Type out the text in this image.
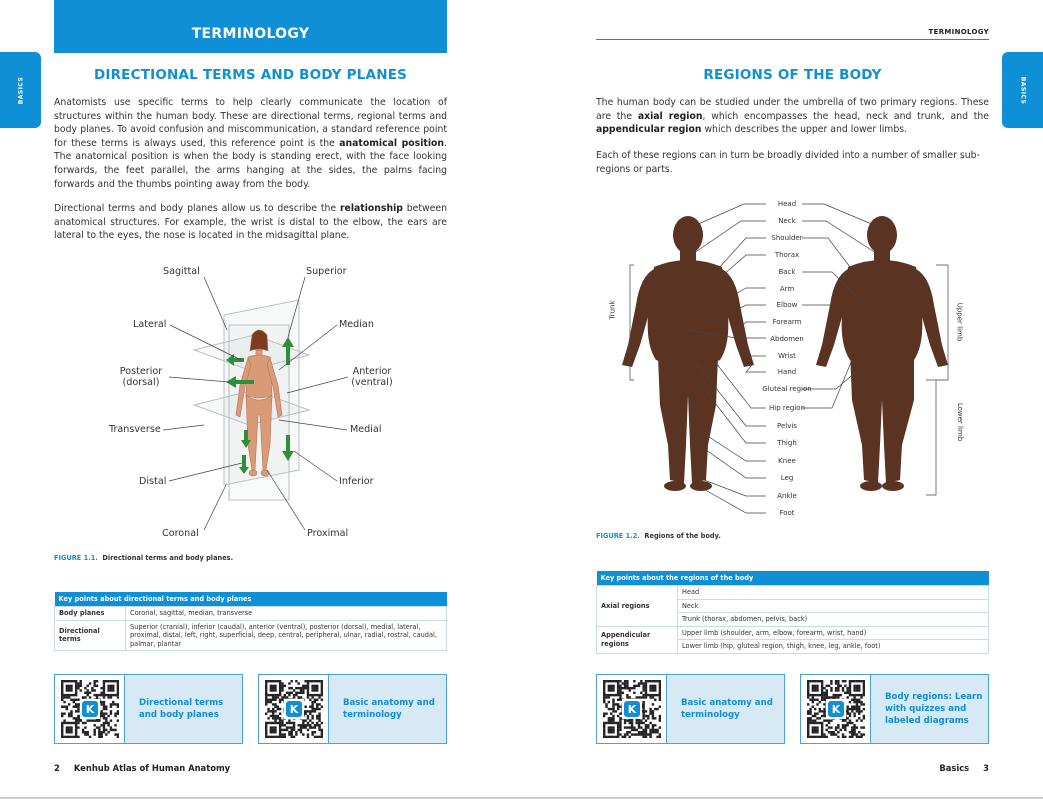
TERMINOLOGY
BASICS
DIRECTIONAL TERMS AND BODY PLANES
Anatomists use specific terms to help clearly communicate the location of structures within the human body. These are directional terms, regional terms and body planes. To avoid confusion and miscommunication, a standard reference point for these terms is always used, this reference point is the anatomical position. The anatomical position is when the body is standing erect, with the face looking forwards, the feet parallel, the arms hanging at the sides, the palms facing forwards and the thumbs pointing away from the body.
Directional terms and body planes allow us to describe the relationship between anatomical structures. For example, the wrist is distal to the elbow, the ears are lateral to the eyes, the nose is located in the midsagittal plane.
Sagittal	Superior
Lateral	Median
Posterior
(dorsal)
Anterior
(ventral)
Transverse	Medial
Distal	Inferior
Coronal	Proximal
FIGURE 1.1. Directional terms and body planes.
Key points about directional terms and body planes	
Body planes	Coronal, sagittal, median, transverse
Directional terms	Superior (cranial), inferior (caudal), anterior (ventral), posterior (dorsal), medial, lateral, proximal, distal, left, right, superficial, deep, central, peripheral, ulnar, radial, rostral, caudal, palmar, plantar
K	Directional terms and body planes	K	Basic anatomy and terminology
2 Kenhub Atlas of Human Anatomy
TERMINOLOGY
BASICS
REGIONS OF THE BODY
The human body can be studied under the umbrella of two primary regions. These are the axial region, which encompasses the head, neck and trunk, and the appendicular region which describes the upper and lower limbs.
Each of these regions can in turn be broadly divided into a number of smaller sub-regions or parts.
Head
Neck
Shoulder
Thorax
Back
Arm
Elbow
Forearm
Abdomen
Wrist
Hand
Gluteal region
Hip region
Pelvis
Thigh
Knee
Leg
Ankle
Foot
Trunk	Upper limb
Lower limb
FIGURE 1.2. Regions of the body.
Key points about the regions of the body	
Axial regions	Head
	Neck
	Trunk (thorax, abdomen, pelvis, back)
Appendicular regions	Upper limb (shoulder, arm, elbow, forearm, wrist, hand)
	Lower limb (hip, gluteal region, thigh, knee, leg, ankle, foot)
K	Basic anatomy and terminology	K
Body regions: Learn with quizzes and labeled diagrams
Basics 3
